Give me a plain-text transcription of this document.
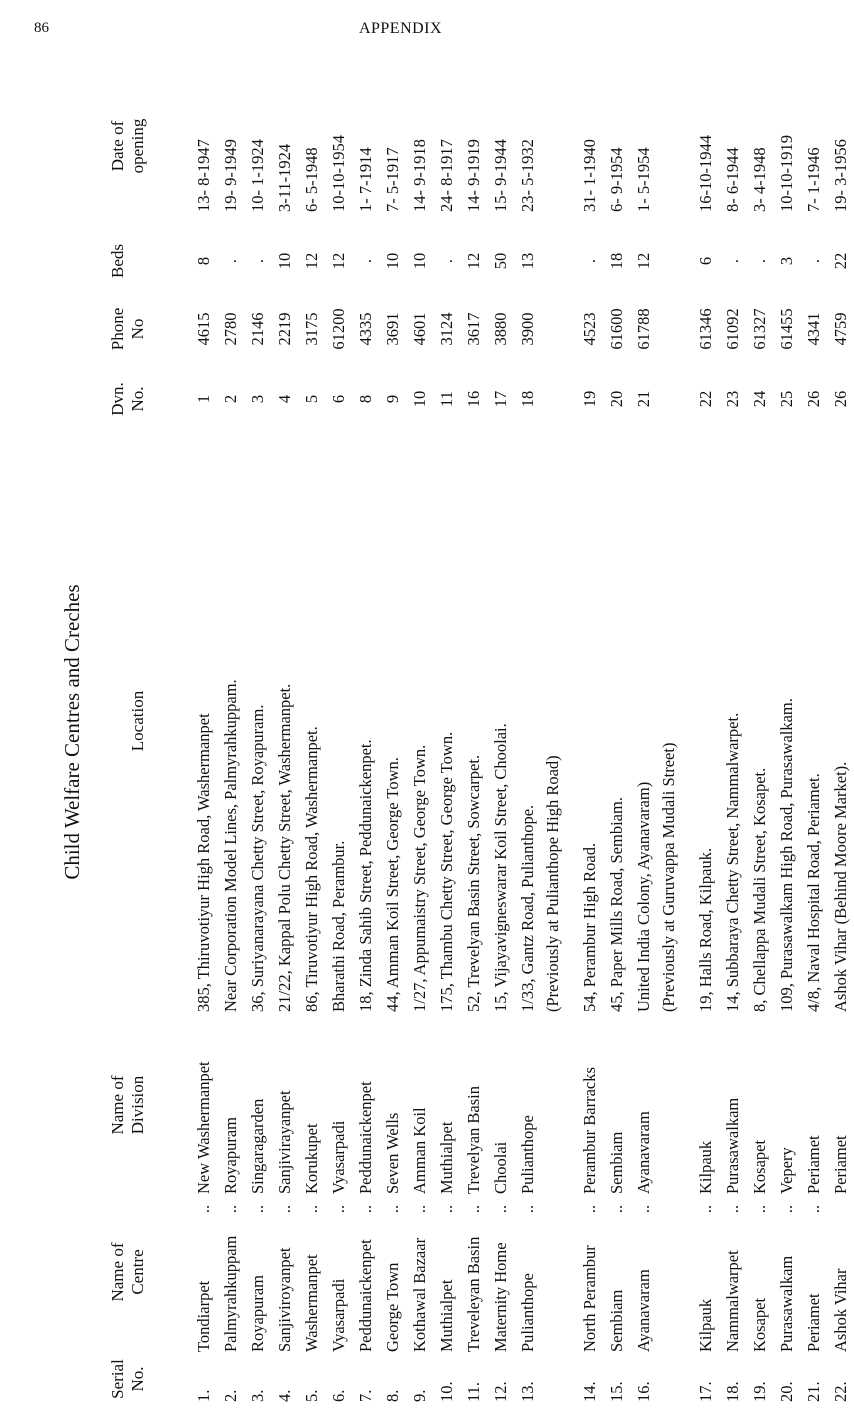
86	APPENDIX
Child Welfare Centres and Creches
Serial No.
Name of Centre
Name of Division
Location
Dvn. No.
Phone No
Beds
Date of opening
1.
Tondiarpet
..
New Washermanpet
385, Thiruvotiyur High Road, Washermanpet
1
4615
8
13- 8-1947
2.
Palmyrahkuppam
..
Royapuram
Near Corporation Model Lines, Palmyrahkuppam.
2
2780
.
19- 9-1949
3.
Royapuram
..
Singaragarden
36, Suriyanarayana Chetty Street, Royapuram.
3
2146
.
10- 1-1924
4.
Sanjiviroyanpet
..
Sanjivirayanpet
21/22, Kappal Polu Chetty Street, Washermanpet.
4
2219
10
3-11-1924
5.
Washermanpet
..
Korukupet
86, Tiruvotiyur High Road, Washermanpet.
5
3175
12
6- 5-1948
6.
Vyasarpadi
..
Vyasarpadi
Bharathi Road, Perambur.
6
61200
12
10-10-1954
7.
Peddunaickenpet
..
Peddunaickenpet
18, Zinda Sahib Street, Peddunaickenpet.
8
4335
.
1- 7-1914
8.
George Town
..
Seven Wells
44, Amman Koil Street, George Town.
9
3691
10
7- 5-1917
9.
Kothawal Bazaar
..
Amman Koil
1/27, Appumaistry Street, George Town.
10
4601
10
14- 9-1918
10.
Muthialpet
..
Muthialpet
175, Thambu Chetty Street, George Town.
11
3124
.
24- 8-1917
11.
Treveleyan Basin
..
Trevelyan Basin
52, Trevelyan Basin Street, Sowcarpet.
16
3617
12
14- 9-1919
12.
Maternity Home
..
Choolai
15, Vijayavigneswarar Koil Street, Choolai.
17
3880
50
15- 9-1944
13.
Pulianthope
..
Pulianthope
1/33, Gantz Road, Pulianthope.
18
3900
13
23- 5-1932
(Previously at Pulianthope High Road)
14.
North Perambur
..
Perambur Barracks
54, Perambur High Road.
19
4523
.
31- 1-1940
15.
Sembiam
..
Sembiam
45, Paper Mills Road, Sembiam.
20
61600
18
6- 9-1954
16.
Ayanavaram
..
Ayanavaram
United India Colony, Ayanavaram)
21
61788
12
1- 5-1954
(Previously at Guruvappa Mudali Street)
17.
Kilpauk
..
Kilpauk
19, Halls Road, Kilpauk.
22
61346
6
16-10-1944
18.
Nammalwarpet
..
Purasawalkam
14, Subbaraya Chetty Street, Nammalwarpet.
23
61092
.
8- 6-1944
19.
Kosapet
..
Kosapet
8, Chellappa Mudali Street, Kosapet.
24
61327
.
3- 4-1948
20.
Purasawalkam
..
Vepery
109, Purasawalkam High Road, Purasawalkam.
25
61455
3
10-10-1919
21.
Periamet
..
Periamet
4/8, Naval Hospital Road, Periamet.
26
4341
.
7- 1-1946
22.
Ashok Vihar
Periamet
Ashok Vihar (Behind Moore Market).
26
4759
22
19- 3-1956
